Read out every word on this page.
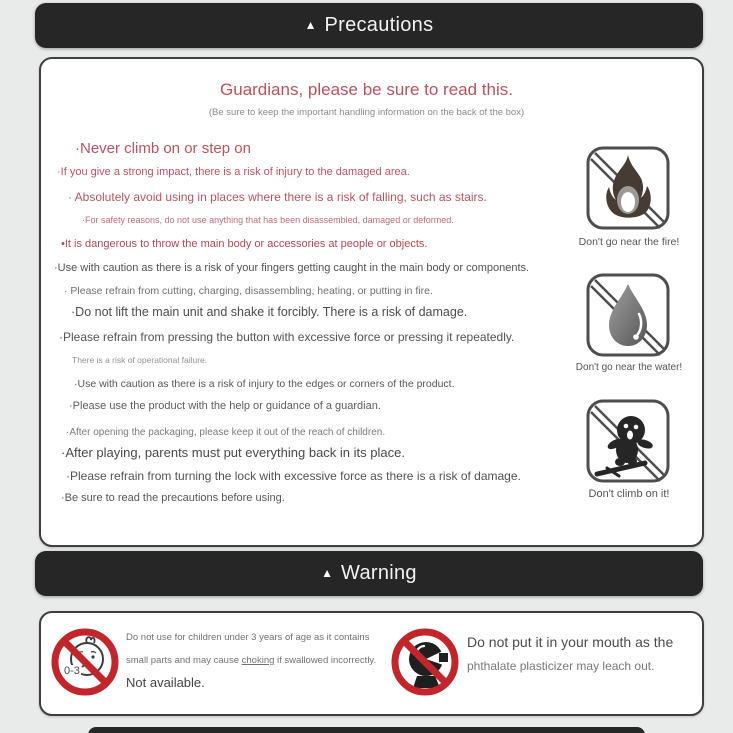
▲ Precautions
Guardians, please be sure to read this.
(Be sure to keep the important handling information on the back of the box)
·Never climb on or step on
·If you give a strong impact, there is a risk of injury to the damaged area.
· Absolutely avoid using in places where there is a risk of falling, such as stairs.
·For safety reasons, do not use anything that has been disassembled, damaged or deformed.
•It is dangerous to throw the main body or accessories at people or objects.
·Use with caution as there is a risk of your fingers getting caught in the main body or components.
· Please refrain from cutting, charging, disassembling, heating, or putting in fire.
·Do not lift the main unit and shake it forcibly. There is a risk of damage.
·Please refrain from pressing the button with excessive force or pressing it repeatedly.
There is a risk of operational failure.
·Use with caution as there is a risk of injury to the edges or corners of the product.
·Please use the product with the help or guidance of a guardian.
·After opening the packaging, please keep it out of the reach of children.
·After playing, parents must put everything back in its place.
·Please refrain from turning the lock with excessive force as there is a risk of damage.
·Be sure to read the precautions before using.
Don't go near the fire!
Don't go near the water!
Don't climb on it!
▲ Warning
0-3
Do not use for children under 3 years of age as it contains
small parts and may cause choking if swallowed incorrectly.
Not available.
Do not put it in your mouth as the
phthalate plasticizer may leach out.
